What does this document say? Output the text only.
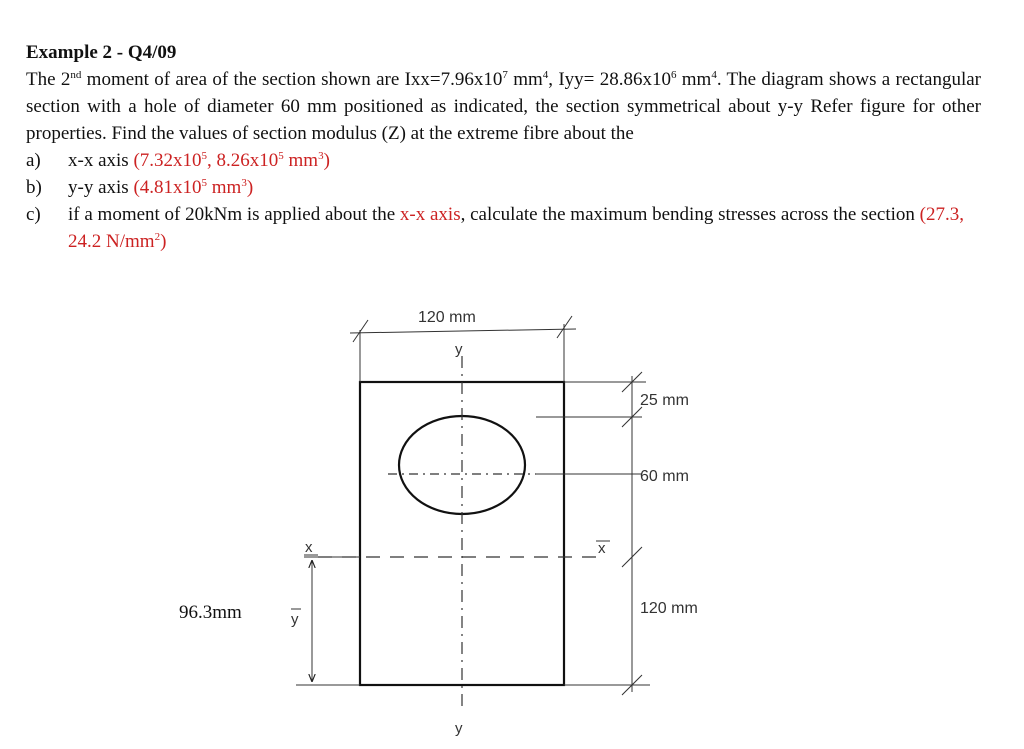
Example 2 - Q4/09
The 2nd moment of area of the section shown are $Ixx=7.96x10^7$ $mm^4$, $Iyy= 28.86x10^6$ $mm^4$. The diagram shows a rectangular section with a hole of diameter 60 mm positioned as indicated, the section symmetrical about y-y Refer figure for other properties. Find the values of section modulus (Z) at the extreme fibre about the
a)	x-x axis ($7.32x10^5$, $8.26x10^5$ $mm^3$)
b)	y-y axis ($4.81x10^5$ $mm^3$)
c)	if a moment of 20kNm is applied about the x-x axis, calculate the maximum bending stresses across the section (27.3, 24.2 $N/mm^2$)
120 mm
y
y
25 mm
60 mm
120 mm
x	x
y
96.3mm
